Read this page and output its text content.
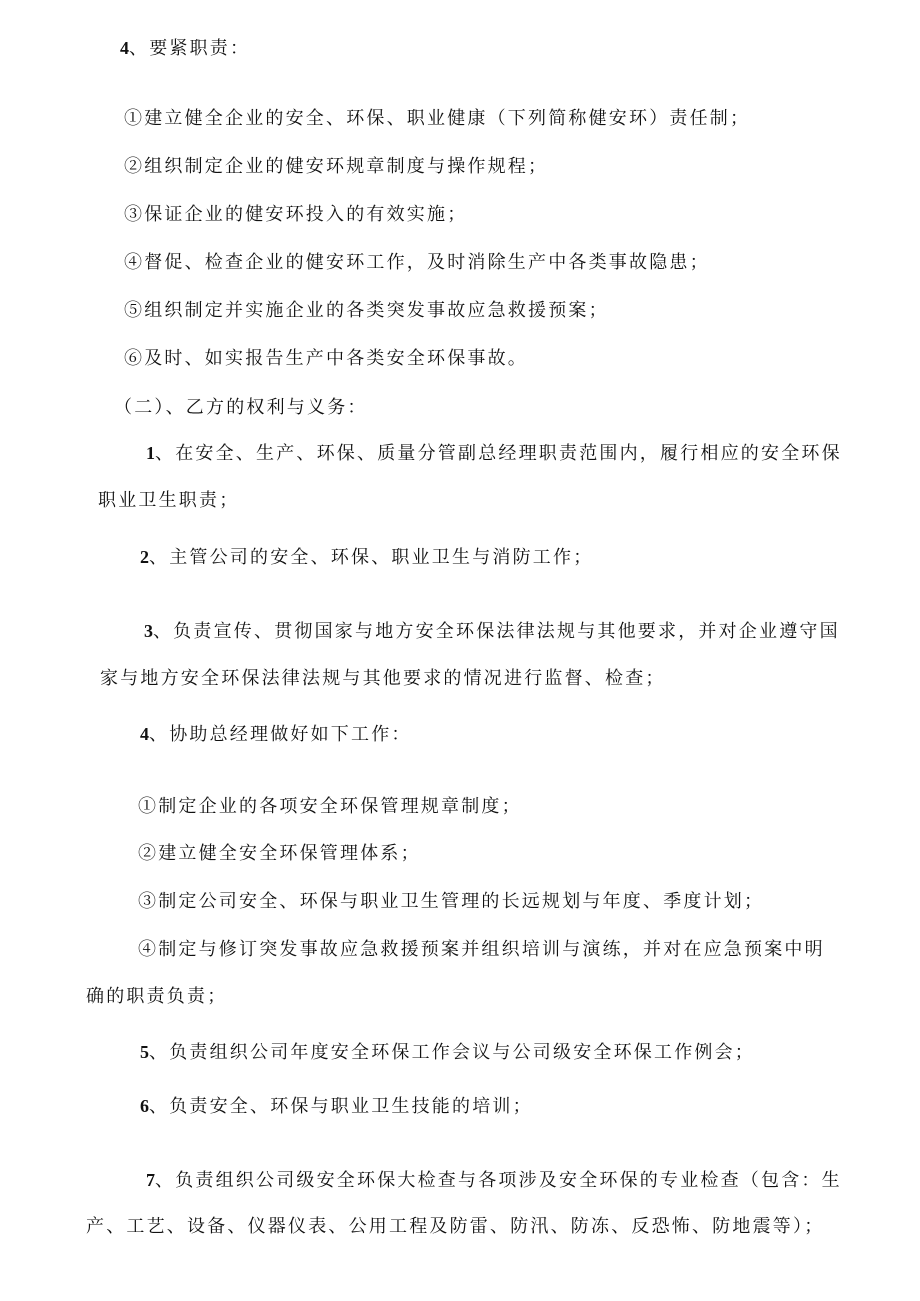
4、要紧职责：
①建立健全企业的安全、环保、职业健康（下列简称健安环）责任制；
②组织制定企业的健安环规章制度与操作规程；
③保证企业的健安环投入的有效实施；
④督促、检查企业的健安环工作，及时消除生产中各类事故隐患；
⑤组织制定并实施企业的各类突发事故应急救援预案；
⑥及时、如实报告生产中各类安全环保事故。
（二）、乙方的权利与义务：
1、在安全、生产、环保、质量分管副总经理职责范围内，履行相应的安全环保
职业卫生职责；
2、主管公司的安全、环保、职业卫生与消防工作；
3、负责宣传、贯彻国家与地方安全环保法律法规与其他要求，并对企业遵守国
家与地方安全环保法律法规与其他要求的情况进行监督、检查；
4、协助总经理做好如下工作：
①制定企业的各项安全环保管理规章制度；
②建立健全安全环保管理体系；
③制定公司安全、环保与职业卫生管理的长远规划与年度、季度计划；
④制定与修订突发事故应急救援预案并组织培训与演练，并对在应急预案中明
确的职责负责；
5、负责组织公司年度安全环保工作会议与公司级安全环保工作例会；
6、负责安全、环保与职业卫生技能的培训；
7、负责组织公司级安全环保大检查与各项涉及安全环保的专业检查（包含：生
产、工艺、设备、仪器仪表、公用工程及防雷、防汛、防冻、反恐怖、防地震等）；
